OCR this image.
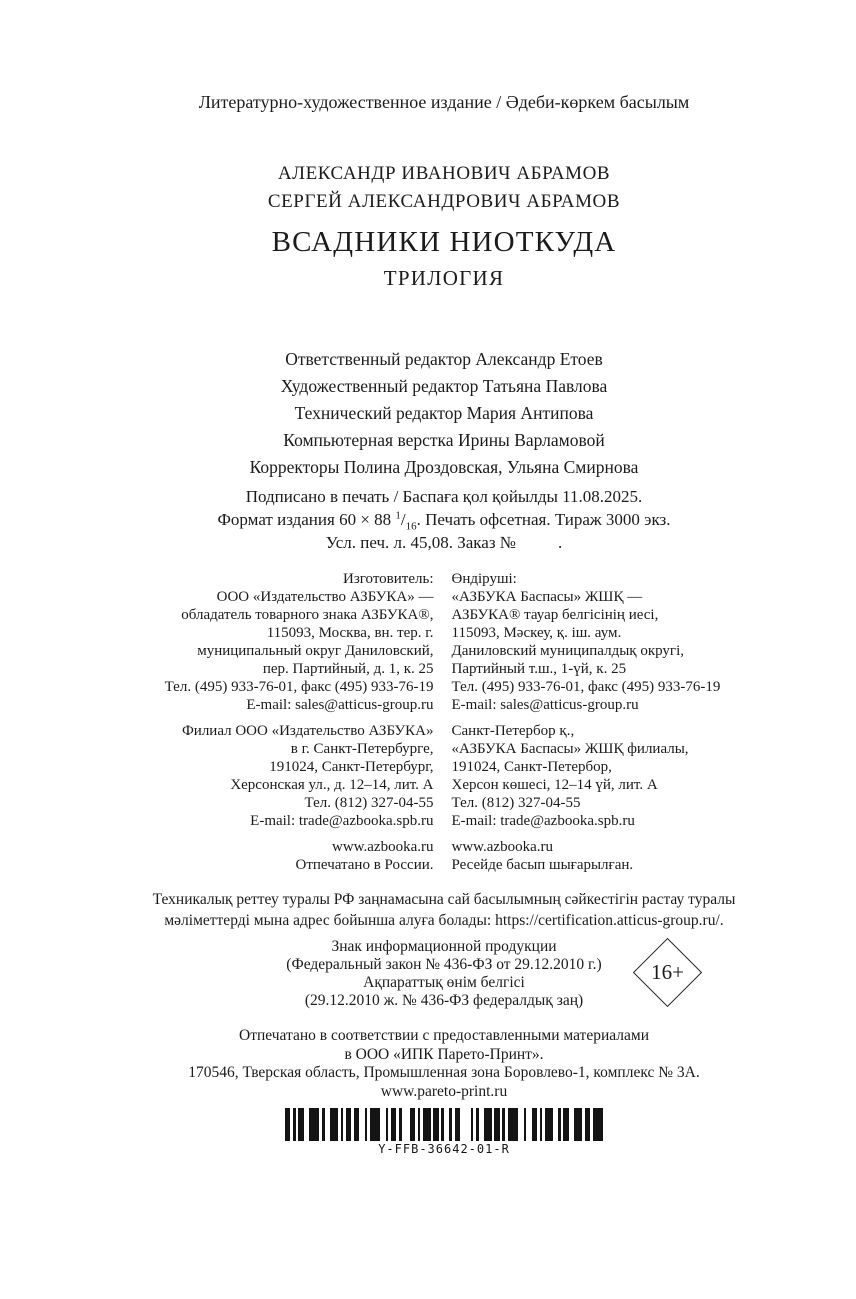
Литературно-художественное издание / Әдеби-көркем басылым
АЛЕКСАНДР ИВАНОВИЧ АБРАМОВ
СЕРГЕЙ АЛЕКСАНДРОВИЧ АБРАМОВ
ВСАДНИКИ НИОТКУДА
ТРИЛОГИЯ
Ответственный редактор Александр Етоев
Художественный редактор Татьяна Павлова
Технический редактор Мария Антипова
Компьютерная верстка Ирины Варламовой
Корректоры Полина Дроздовская, Ульяна Смирнова
Подписано в печать / Баспаға қол қойылды 11.08.2025.
Формат издания 60 × 88 $^1/_{16}$. Печать офсетная. Тираж 3000 экз.
Усл. печ. л. 45,08. Заказ № .
Изготовитель:
ООО «Издательство АЗБУКА» —
обладатель товарного знака АЗБУКА®,
115093, Москва, вн. тер. г.
муниципальный округ Даниловский,
пер. Партийный, д. 1, к. 25
Тел. (495) 933-76-01, факс (495) 933-76-19
E-mail: sales@atticus-group.ru
Филиал ООО «Издательство АЗБУКА»
в г. Санкт-Петербурге,
191024, Санкт-Петербург,
Херсонская ул., д. 12–14, лит. А
Тел. (812) 327-04-55
E-mail: trade@azbooka.spb.ru
www.azbooka.ru
Отпечатано в России.
Өндіруші:
«АЗБУКА Баспасы» ЖШҚ —
АЗБУКА® тауар белгісінің иесі,
115093, Мәскеу, қ. іш. аум.
Даниловский муниципалдық округі,
Партийный т.ш., 1-үй, к. 25
Тел. (495) 933-76-01, факс (495) 933-76-19
E-mail: sales@atticus-group.ru
Санкт-Петербор қ.,
«АЗБУКА Баспасы» ЖШҚ филиалы,
191024, Санкт-Петербор,
Херсон көшесі, 12–14 үй, лит. А
Тел. (812) 327-04-55
E-mail: trade@azbooka.spb.ru
www.azbooka.ru
Ресейде басып шығарылған.
Техникалық реттеу туралы РФ заңнамасына сай басылымның сәйкестігін растау туралы
мәліметтерді мына адрес бойынша алуға болады: https://certification.atticus-group.ru/.
Знак информационной продукции
(Федеральный закон № 436-ФЗ от 29.12.2010 г.)
Ақпараттық өнім белгісі
(29.12.2010 ж. № 436-ФЗ федералдық заң)
16+
Отпечатано в соответствии с предоставленными материалами
в ООО «ИПК Парето-Принт».
170546, Тверская область, Промышленная зона Боровлево-1, комплекс № 3А.
www.pareto-print.ru
Y-FFB-36642-01-R
